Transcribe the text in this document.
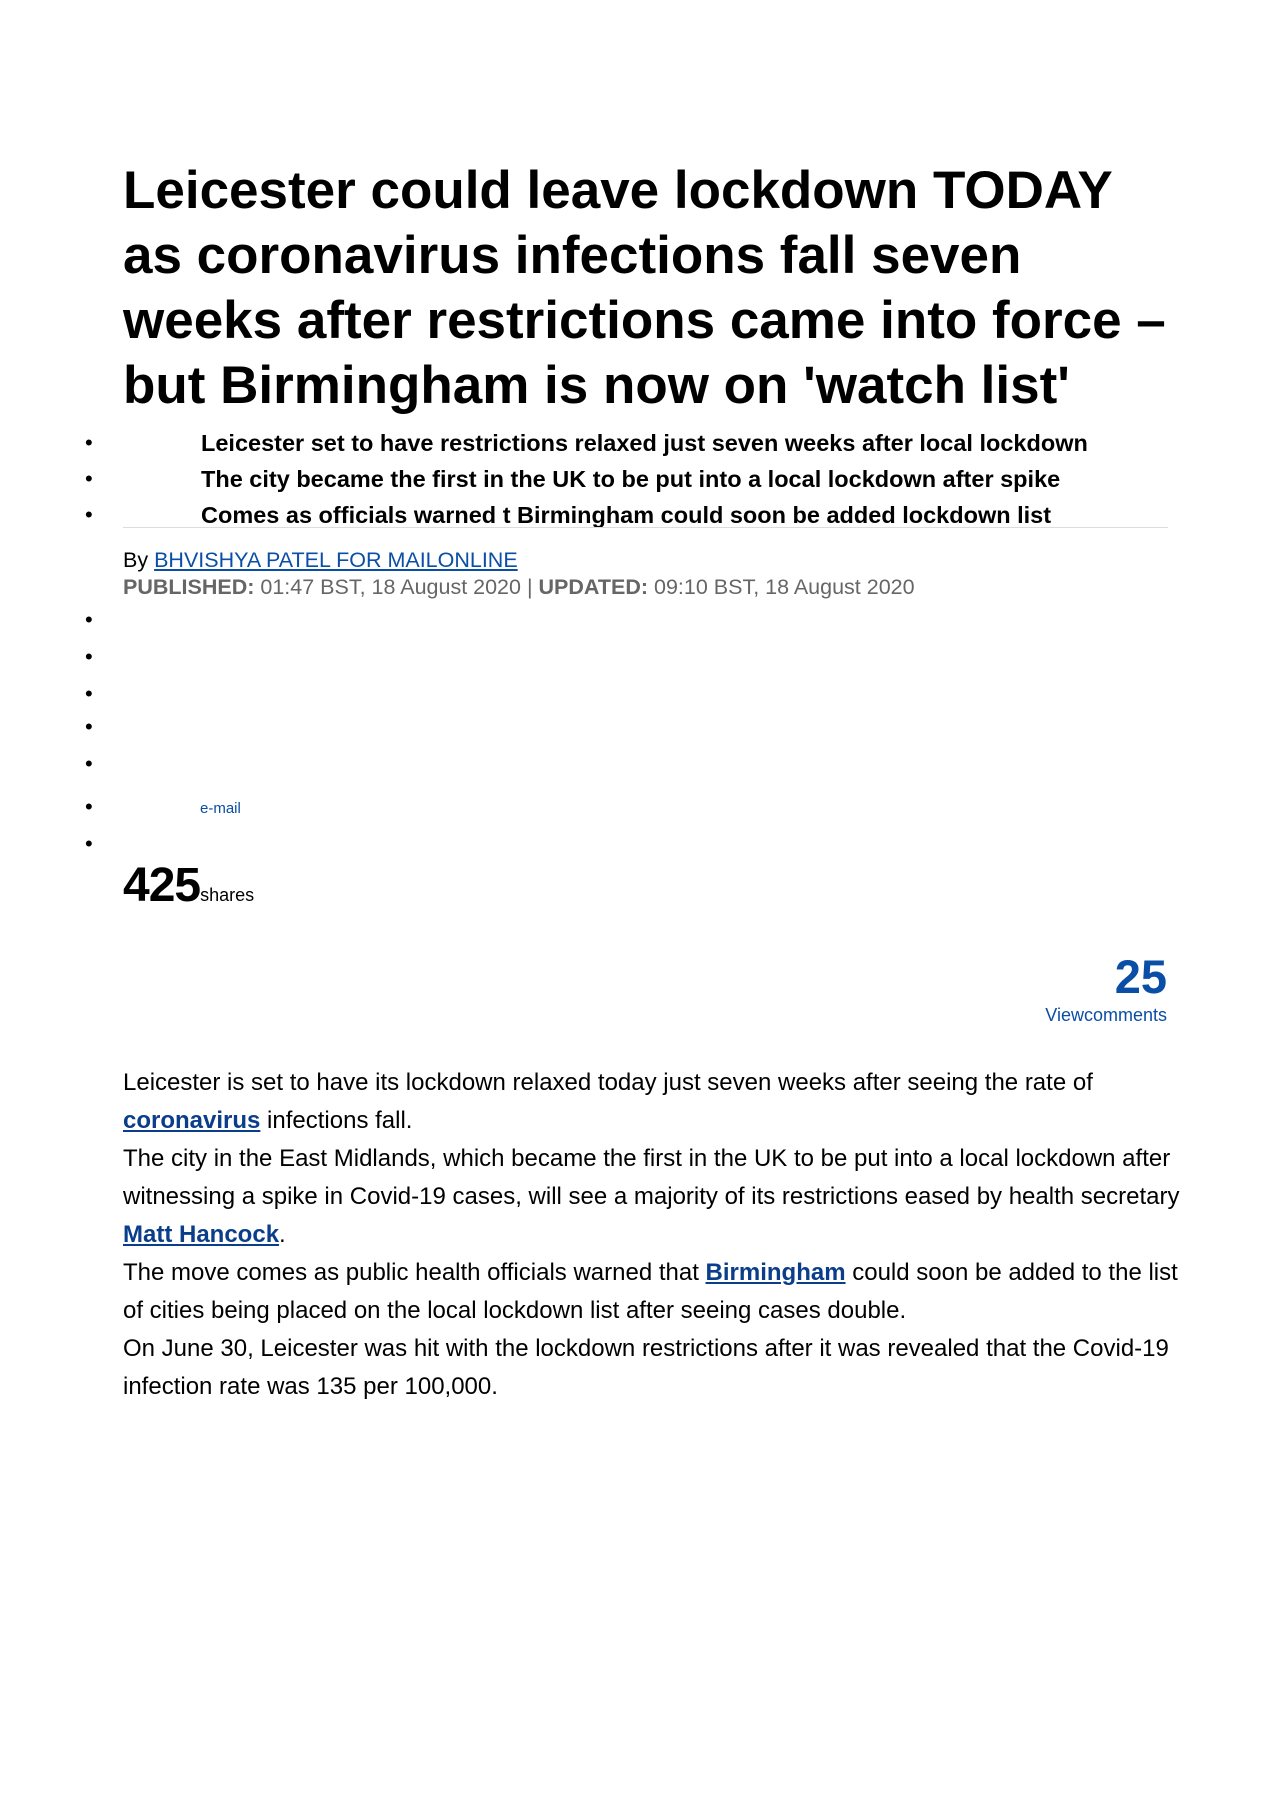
Leicester could leave lockdown TODAY as coronavirus infections fall seven weeks after restrictions came into force – but Birmingham is now on 'watch list'
•	Leicester set to have restrictions relaxed just seven weeks after local lockdown
•	The city became the first in the UK to be put into a local lockdown after spike
•	Comes as officials warned t Birmingham could soon be added lockdown list
By BHVISHYA PATEL FOR MAILONLINE
PUBLISHED: 01:47 BST, 18 August 2020 | UPDATED: 09:10 BST, 18 August 2020
•
•
•
•
•
•
•
e-mail
425shares
25
Viewcomments

Leicester is set to have its lockdown relaxed today just seven weeks after seeing the rate of coronavirus infections fall.

The city in the East Midlands, which became the first in the UK to be put into a local lockdown after witnessing a spike in Covid-19 cases, will see a majority of its restrictions eased by health secretary Matt Hancock.

The move comes as public health officials warned that Birmingham could soon be added to the list of cities being placed on the local lockdown list after seeing cases double.

On June 30, Leicester was hit with the lockdown restrictions after it was revealed that the Covid-19 infection rate was 135 per 100,000.
